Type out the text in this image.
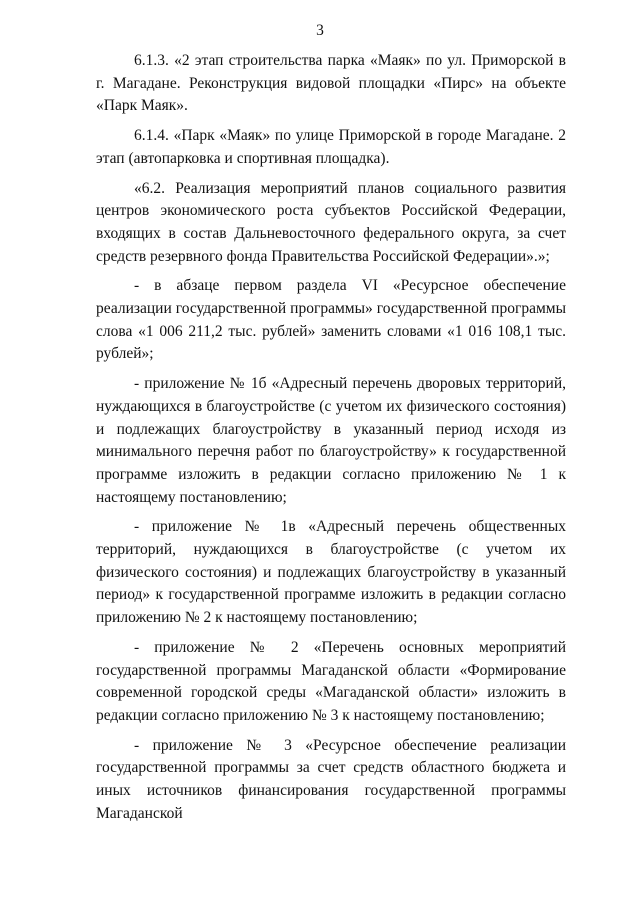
3

6.1.3. «2 этап строительства парка «Маяк» по ул. Приморской в г. Магадане. Реконструкция видовой площадки «Пирс» на объекте «Парк Маяк».

6.1.4. «Парк «Маяк» по улице Приморской в городе Магадане. 2 этап (автопарковка и спортивная площадка).

«6.2. Реализация мероприятий планов социального развития центров экономического роста субъектов Российской Федерации, входящих в состав Дальневосточного федерального округа, за счет средств резервного фонда Правительства Российской Федерации».»;

- в абзаце первом раздела VI «Ресурсное обеспечение реализации государственной программы» государственной программы слова «1 006 211,2 тыс. рублей» заменить словами «1 016 108,1 тыс. рублей»;

- приложение № 1б «Адресный перечень дворовых территорий, нуждающихся в благоустройстве (с учетом их физического состояния) и подлежащих благоустройству в указанный период исходя из минимального перечня работ по благоустройству» к государственной программе изложить в редакции согласно приложению № 1 к настоящему постановлению;

- приложение № 1в «Адресный перечень общественных территорий, нуждающихся в благоустройстве (с учетом их физического состояния) и подлежащих благоустройству в указанный период» к государственной программе изложить в редакции согласно приложению № 2 к настоящему постановлению;

- приложение № 2 «Перечень основных мероприятий государственной программы Магаданской области «Формирование современной городской среды «Магаданской области» изложить в редакции согласно приложению № 3 к настоящему постановлению;

- приложение № 3 «Ресурсное обеспечение реализации государственной программы за счет средств областного бюджета и иных источников финансирования государственной программы Магаданской
